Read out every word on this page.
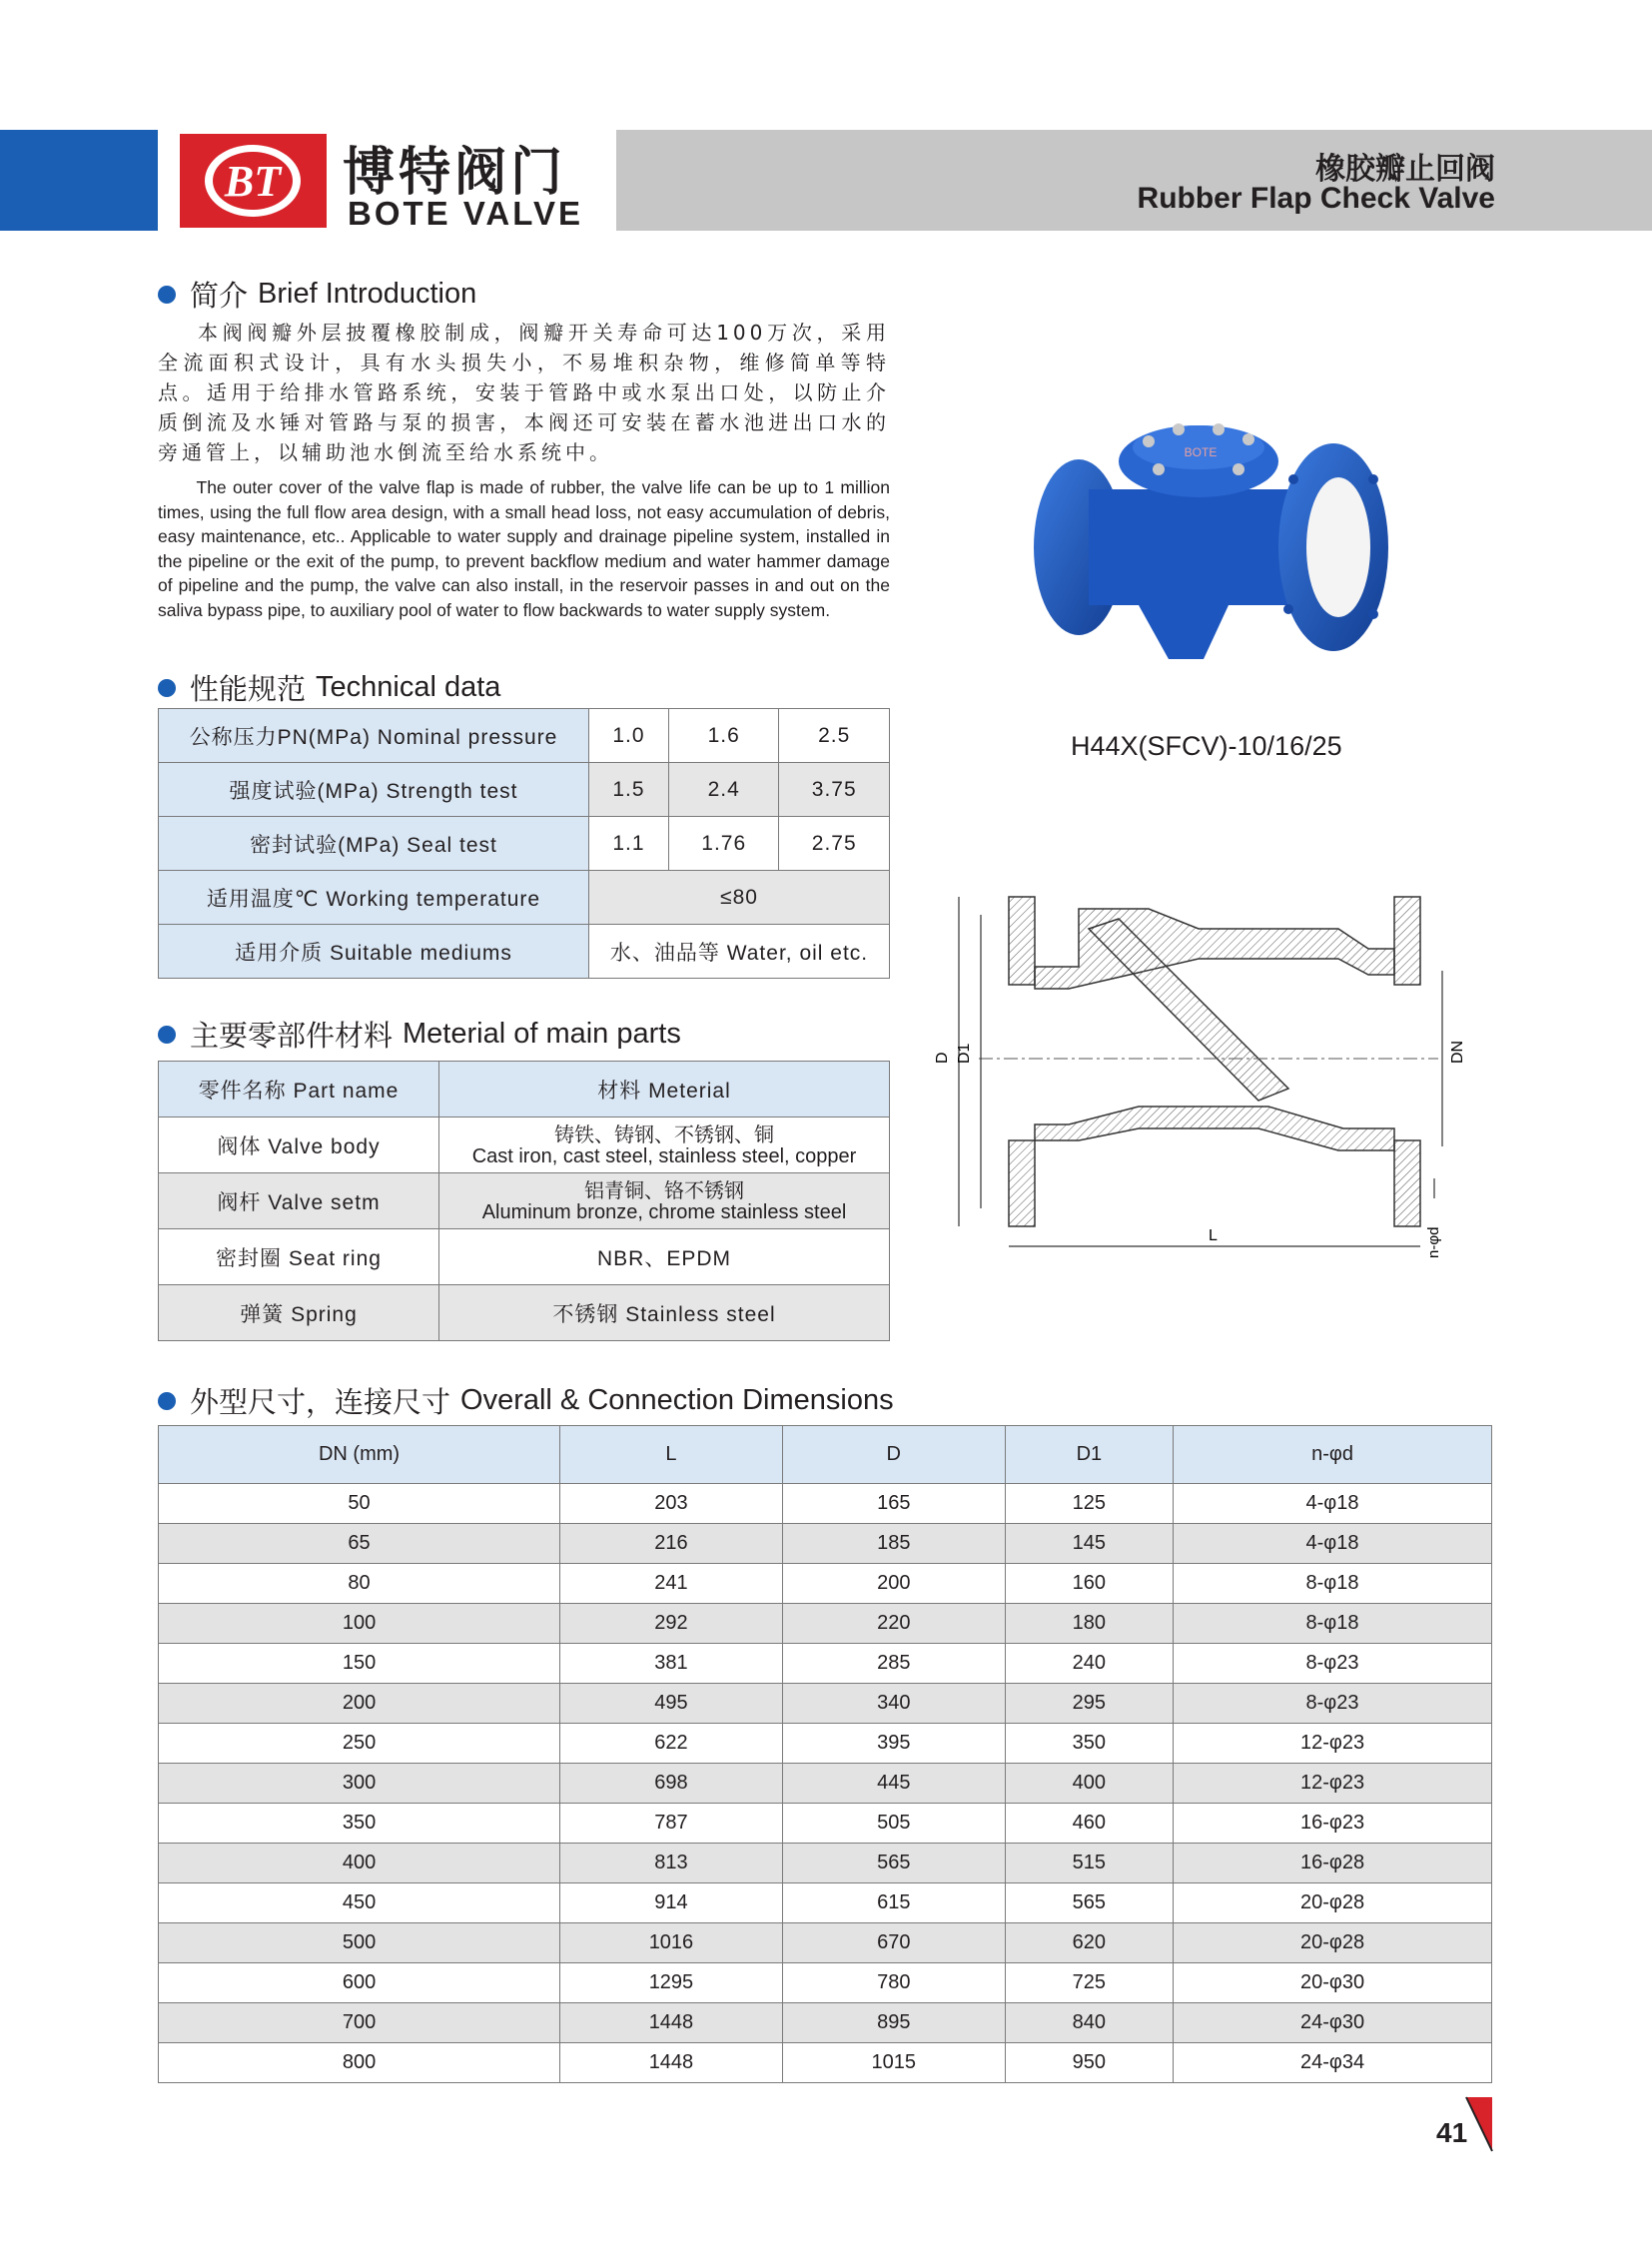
BT 博特阀门
BOTE VALVE
橡胶瓣止回阀
Rubber Flap Check Valve
简介 Brief Introduction
本阀阀瓣外层披覆橡胶制成，阀瓣开关寿命可达100万次，采用全流面积式设计，具有水头损失小，不易堆积杂物，维修简单等特点。适用于给排水管路系统，安装于管路中或水泵出口处，以防止介质倒流及水锤对管路与泵的损害，本阀还可安装在蓄水池进出口水的旁通管上，以辅助池水倒流至给水系统中。
The outer cover of the valve flap is made of rubber, the valve life can be up to 1 million times, using the full flow area design, with a small head loss, not easy accumulation of debris, easy maintenance, etc.. Applicable to water supply and drainage pipeline system, installed in the pipeline or the exit of the pump, to prevent backflow medium and water hammer damage of pipeline and the pump, the valve can also install, in the reservoir passes in and out on the saliva bypass pipe, to auxiliary pool of water to flow backwards to water supply system.
BOTE
H44X(SFCV)-10/16/25
性能规范 Technical data
公称压力PN(MPa) Nominal pressure	1.0	1.6	2.5
强度试验(MPa) Strength test	1.5	2.4	3.75
密封试验(MPa) Seal test	1.1	1.76	2.75
适用温度℃ Working temperature	≤80		
适用介质 Suitable mediums	水、油品等 Water, oil etc.		
D D1	DN
L	n-φd
主要零部件材料 Meterial of main parts
零件名称 Part name	材料 Meterial
阀体 Valve body	铸铁、铸钢、不锈钢、铜
Cast iron, cast steel, stainless steel, copper

阀杆 Valve setm	铝青铜、铬不锈钢
Aluminum bronze, chrome stainless steel

密封圈 Seat ring	NBR、EPDM
弹簧 Spring	不锈钢 Stainless steel
外型尺寸，连接尺寸 Overall & Connection Dimensions
DN (mm)	L	D	D1	n-φd
50	203	165	125	4-φ18
65	216	185	145	4-φ18
80	241	200	160	8-φ18
100	292	220	180	8-φ18
150	381	285	240	8-φ23
200	495	340	295	8-φ23
250	622	395	350	12-φ23
300	698	445	400	12-φ23
350	787	505	460	16-φ23
400	813	565	515	16-φ28
450	914	615	565	20-φ28
500	1016	670	620	20-φ28
600	1295	780	725	20-φ30
700	1448	895	840	24-φ30
800	1448	1015	950	24-φ34
41
